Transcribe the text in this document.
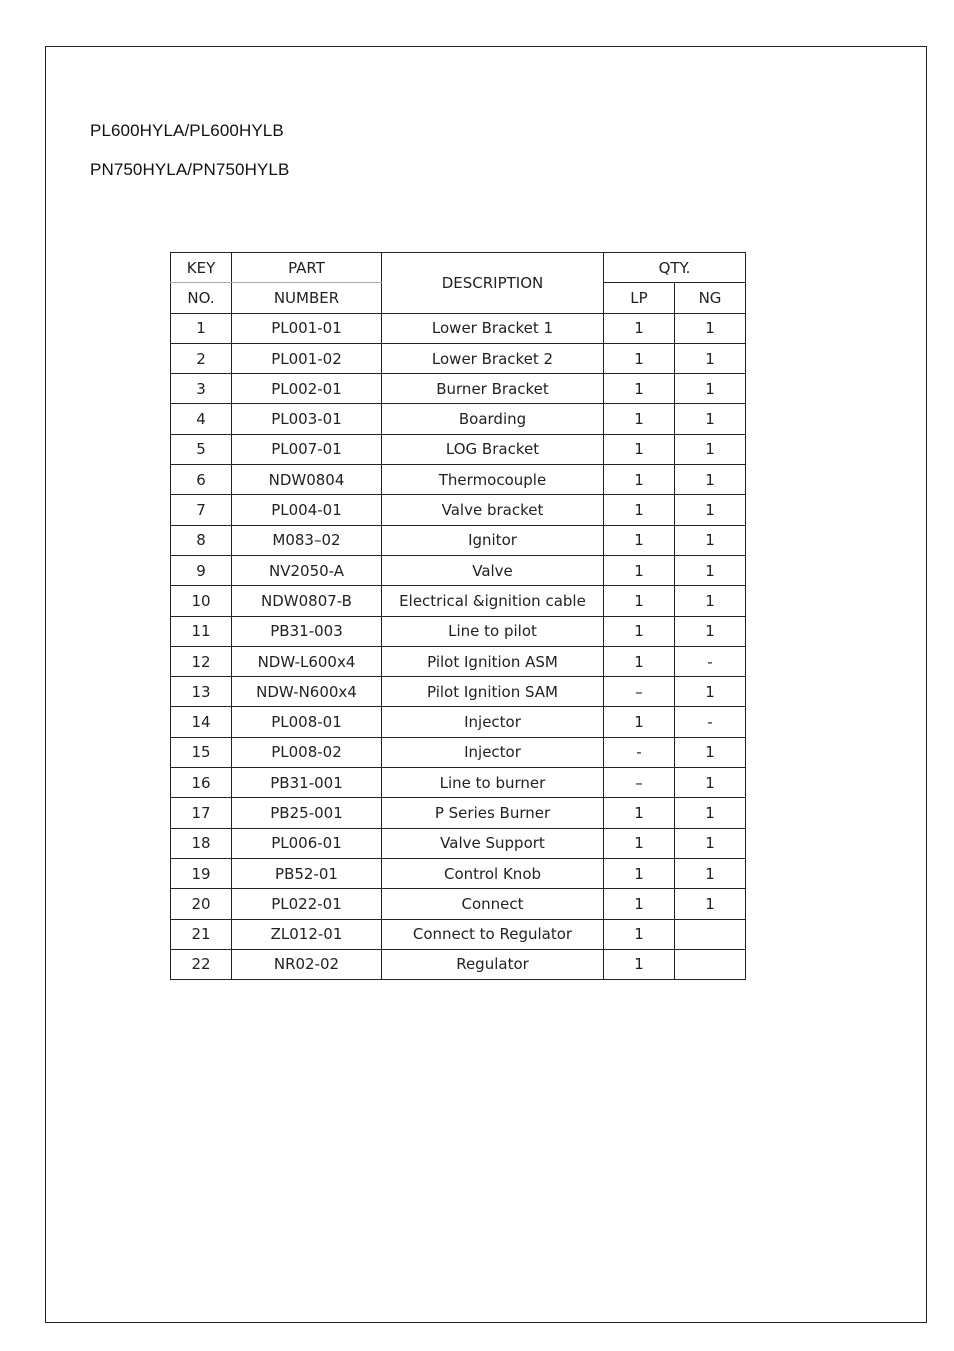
PL600HYLA/PL600HYLB
PN750HYLA/PN750HYLB
KEY	PART	DESCRIPTION	QTY.	
NO.	NUMBER		LP	NG
1	PL001-01	Lower Bracket 1	1	1
2	PL001-02	Lower Bracket 2	1	1
3	PL002-01	Burner Bracket	1	1
4	PL003-01	Boarding	1	1
5	PL007-01	LOG Bracket	1	1
6	NDW0804	Thermocouple	1	1
7	PL004-01	Valve bracket	1	1
8	M083–02	Ignitor	1	1
9	NV2050-A	Valve	1	1
10	NDW0807-B	Electrical &ignition cable	1	1
11	PB31-003	Line to pilot	1	1
12	NDW-L600x4	Pilot Ignition ASM	1	-
13	NDW-N600x4	Pilot Ignition SAM	–	1
14	PL008-01	Injector	1	-
15	PL008-02	Injector	-	1
16	PB31-001	Line to burner	–	1
17	PB25-001	P Series Burner	1	1
18	PL006-01	Valve Support	1	1
19	PB52-01	Control Knob	1	1
20	PL022-01	Connect	1	1
21	ZL012-01	Connect to Regulator	1	
22	NR02-02	Regulator	1	
